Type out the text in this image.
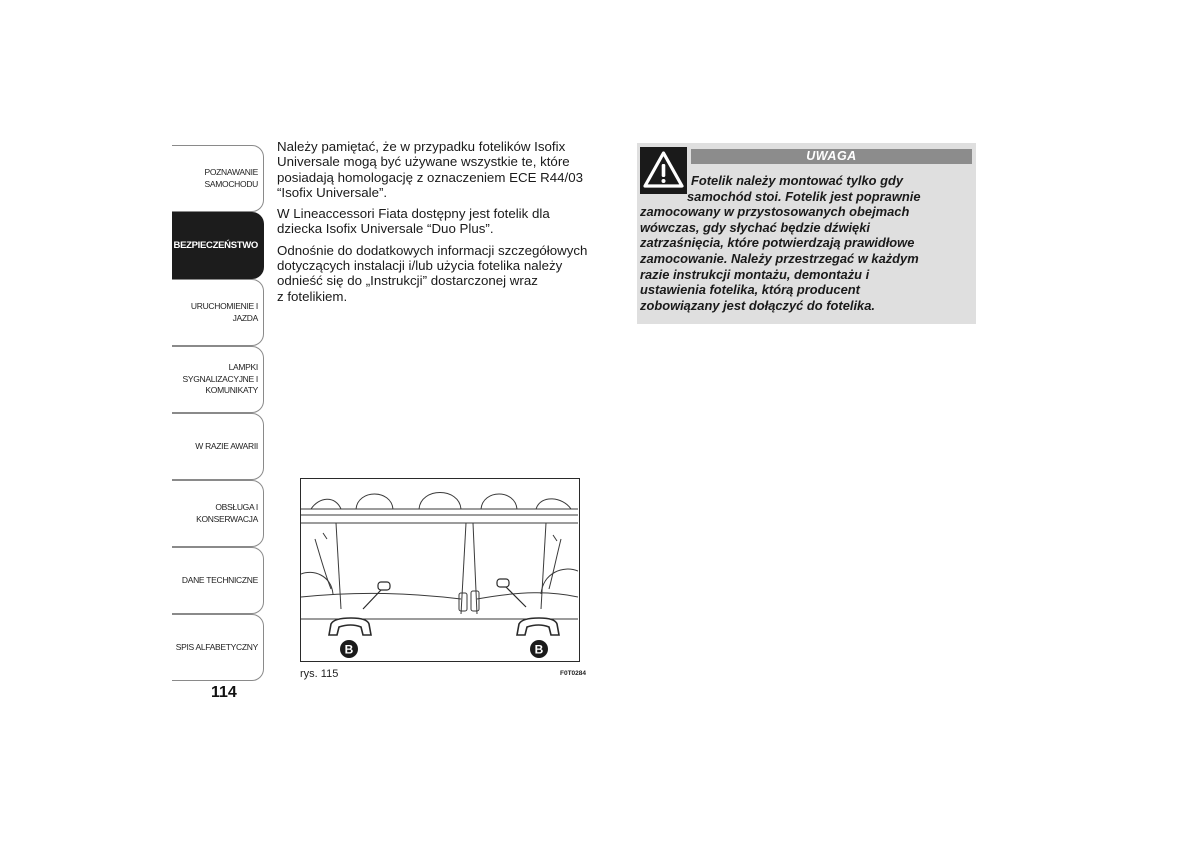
POZNAWANIE
SAMOCHODU
BEZPIECZEŃSTWO
URUCHOMIENIE I
JAZDA
LAMPKI
SYGNALIZACYJNE I
KOMUNIKATY
W RAZIE AWARII
OBSŁUGA I
KONSERWACJA
DANE TECHNICZNE
SPIS ALFABETYCZNY
114

Należy pamiętać, że w przypadku fotelików Isofix
Universale mogą być używane wszystkie te, które
posiadają homologację z oznaczeniem ECE R44/03
“Isofix Universale”.

W Lineaccessori Fiata dostępny jest fotelik dla
dziecka Isofix Universale “Duo Plus”.

Odnośnie do dodatkowych informacji szczegółowych
dotyczących instalacji i/lub użycia fotelika należy
odnieść się do „Instrukcji” dostarczonej wraz
z fotelikiem.

UWAGA
Fotelik należy montować tylko gdy
samochód stoi. Fotelik jest poprawnie
zamocowany w przystosowanych obejmach
wówczas, gdy słychać będzie dźwięki
zatrzaśnięcia, które potwierdzają prawidłowe
zamocowanie. Należy przestrzegać w każdym
razie instrukcji montażu, demontażu i
ustawienia fotelika, którą producent
zobowiązany jest dołączyć do fotelika.
B	B
rys. 115	F0T0284
